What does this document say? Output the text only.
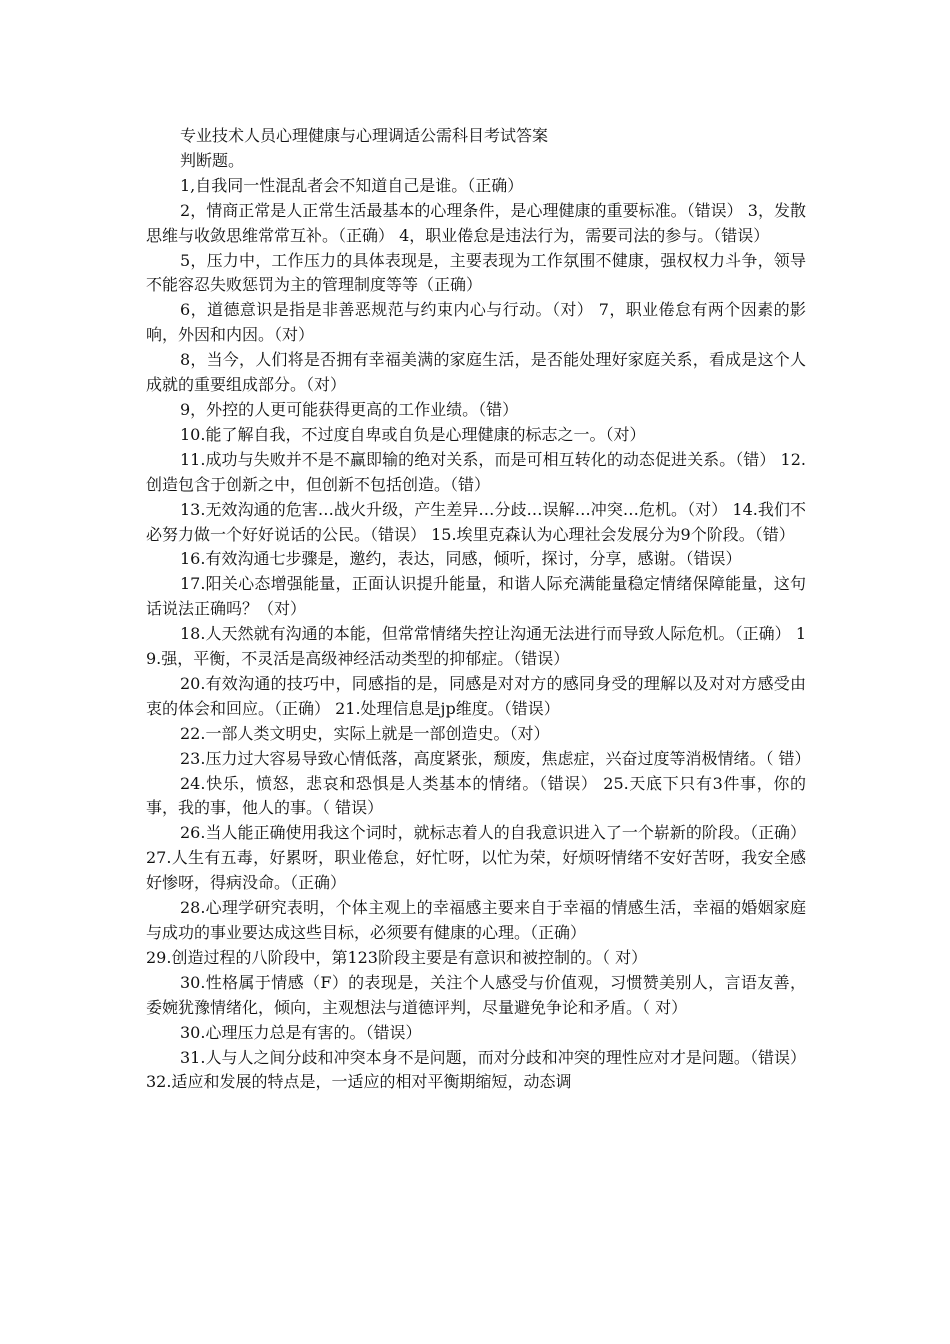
专业技术人员心理健康与心理调适公需科目考试答案

判断题。

1,自我同一性混乱者会不知道自己是谁。（正确）

2，情商正常是人正常生活最基本的心理条件，是心理健康的重要标准。（错误） 3，发散思维与收敛思维常常互补。（正确） 4，职业倦怠是违法行为，需要司法的参与。（错误）

5，压力中，工作压力的具体表现是，主要表现为工作氛围不健康，强权权力斗争，领导不能容忍失败惩罚为主的管理制度等等（正确）

6，道德意识是指是非善恶规范与约束内心与行动。（对） 7，职业倦怠有两个因素的影响，外因和内因。（对）

8，当今，人们将是否拥有幸福美满的家庭生活，是否能处理好家庭关系，看成是这个人成就的重要组成部分。（对）

9，外控的人更可能获得更高的工作业绩。（错）

10.能了解自我，不过度自卑或自负是心理健康的标志之一。（对）

11.成功与失败并不是不赢即输的绝对关系，而是可相互转化的动态促进关系。（错） 12.创造包含于创新之中，但创新不包括创造。（错）

13.无效沟通的危害…战火升级，产生差异…分歧…误解…冲突…危机。（对） 14.我们不必努力做一个好好说话的公民。（错误） 15.埃里克森认为心理社会发展分为9个阶段。（错）

16.有效沟通七步骤是，邀约，表达，同感，倾听，探讨，分享，感谢。（错误）

17.阳关心态增强能量，正面认识提升能量，和谐人际充满能量稳定情绪保障能量，这句话说法正确吗？（对）

18.人天然就有沟通的本能，但常常情绪失控让沟通无法进行而导致人际危机。（正确） 19.强，平衡，不灵活是高级神经活动类型的抑郁症。（错误）

20.有效沟通的技巧中，同感指的是，同感是对对方的感同身受的理解以及对对方感受由衷的体会和回应。（正确） 21.处理信息是jp维度。（错误）

22.一部人类文明史，实际上就是一部创造史。（对）

23.压力过大容易导致心情低落，高度紧张，颓废，焦虑症，兴奋过度等消极情绪。（ 错）

24.快乐，愤怒，悲哀和恐惧是人类基本的情绪。（错误） 25.天底下只有3件事，你的事，我的事，他人的事。（ 错误）

26.当人能正确使用我这个词时，就标志着人的自我意识进入了一个崭新的阶段。（正确） 27.人生有五毒，好累呀，职业倦怠，好忙呀，以忙为荣，好烦呀情绪不安好苦呀，我安全感好惨呀，得病没命。（正确）

28.心理学研究表明，个体主观上的幸福感主要来自于幸福的情感生活，幸福的婚姻家庭与成功的事业要达成这些目标，必须要有健康的心理。（正确）

29.创造过程的八阶段中，第123阶段主要是有意识和被控制的。（ 对）

30.性格属于情感（F）的表现是，关注个人感受与价值观，习惯赞美别人，言语友善，委婉犹豫情绪化，倾向，主观想法与道德评判，尽量避免争论和矛盾。（ 对）

30.心理压力总是有害的。（错误）

31.人与人之间分歧和冲突本身不是问题，而对分歧和冲突的理性应对才是问题。（错误） 32.适应和发展的特点是，一适应的相对平衡期缩短，动态调
